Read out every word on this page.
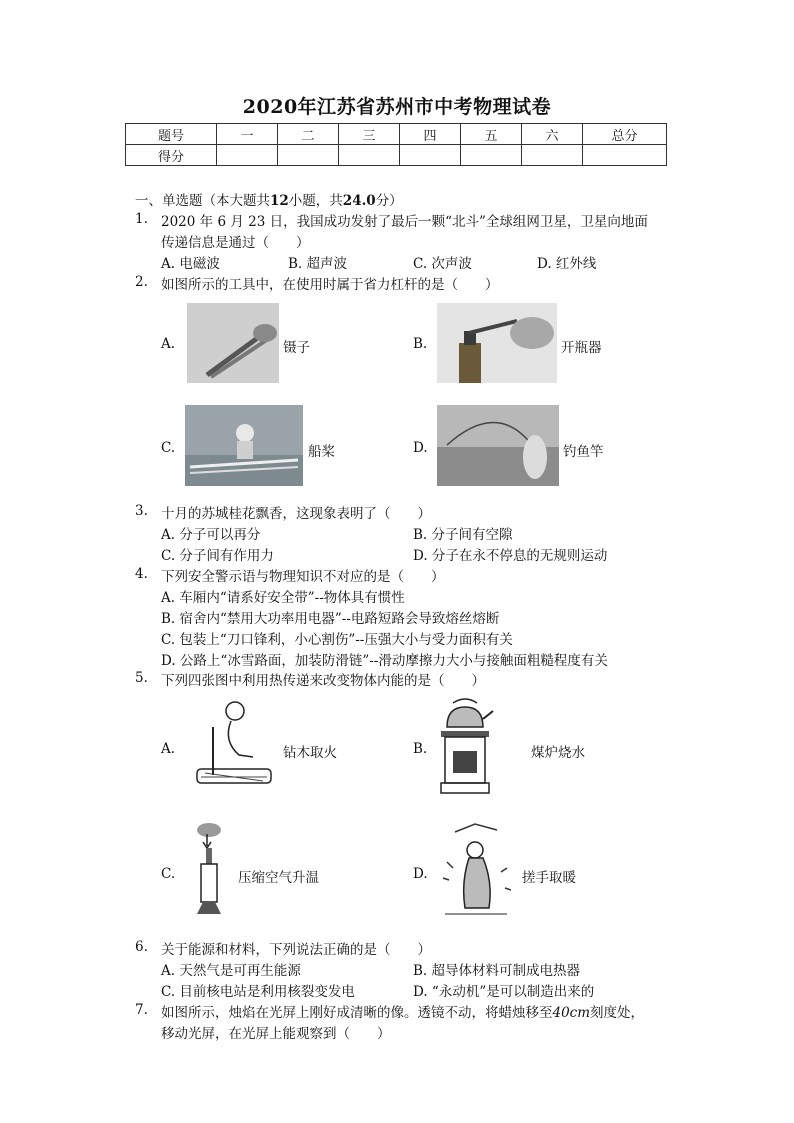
2020年江苏省苏州市中考物理试卷
题号	一	二	三	四	五	六	总分
得分							
一、单选题（本大题共12小题，共24.0分）
1. 2020 年 6 月 23 日，我国成功发射了最后一颗“北斗”全球组网卫星，卫星向地面
传递信息是通过（　　）
A. 电磁波	B. 超声波	C. 次声波	D. 红外线
2. 如图所示的工具中，在使用时属于省力杠杆的是（　　）
A.	镊子	B.	开瓶器
C.	船桨	D.	钓鱼竿
3. 十月的苏城桂花飘香，这现象表明了（　　）
A. 分子可以再分	B. 分子间有空隙
C. 分子间有作用力	D. 分子在永不停息的无规则运动
4. 下列安全警示语与物理知识不对应的是（　　）
A. 车厢内“请系好安全带”--物体具有惯性
B. 宿舍内“禁用大功率用电器”--电路短路会导致熔丝熔断
C. 包装上“刀口锋利，小心割伤”--压强大小与受力面积有关
D. 公路上“冰雪路面，加装防滑链”--滑动摩擦力大小与接触面粗糙程度有关
5. 下列四张图中利用热传递来改变物体内能的是（　　）
A.	钻木取火	B.	煤炉烧水
C.	压缩空气升温	D.	搓手取暖
6. 关于能源和材料，下列说法正确的是（　　）
A. 天然气是可再生能源	B. 超导体材料可制成电热器
C. 目前核电站是利用核裂变发电	D. “永动机”是可以制造出来的
7. 如图所示，烛焰在光屏上刚好成清晰的像。透镜不动，将蜡烛移至40cm刻度处，
移动光屏，在光屏上能观察到（　　）
